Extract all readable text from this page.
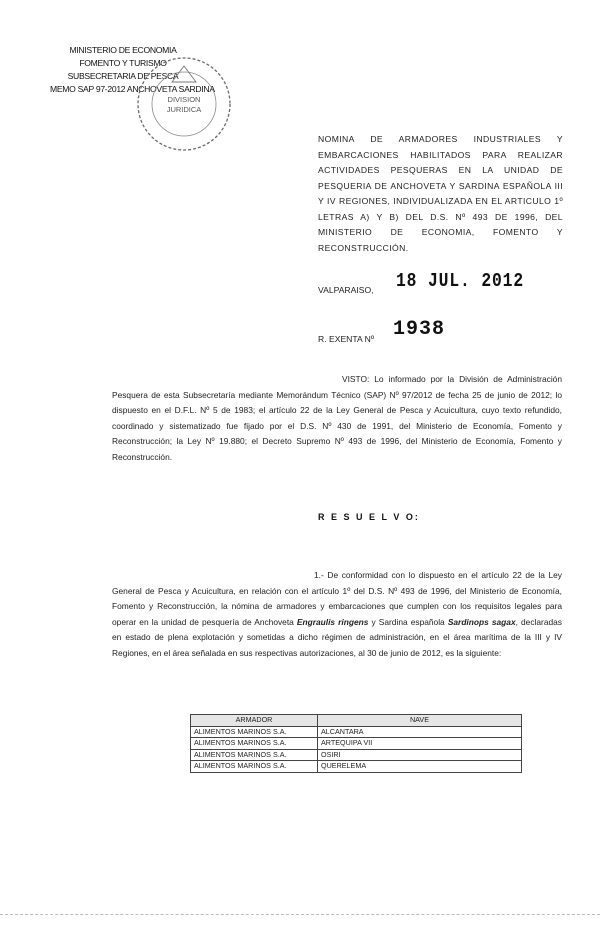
MINISTERIO DE ECONOMIA
FOMENTO Y TURISMO
SUBSECRETARIA DE PESCA
MEMO SAP 97-2012 ANCHOVETA SARDINA
DIVISION
JURIDICA
NOMINA DE ARMADORES INDUSTRIALES Y EMBARCACIONES HABILITADOS PARA REALIZAR ACTIVIDADES PESQUERAS EN LA UNIDAD DE PESQUERIA DE ANCHOVETA Y SARDINA ESPAÑOLA III Y IV REGIONES, INDIVIDUALIZADA EN EL ARTICULO 1º LETRAS A) Y B) DEL D.S. Nº 493 DE 1996, DEL MINISTERIO DE ECONOMIA, FOMENTO Y RECONSTRUCCIÓN.
VALPARAISO, 18 JUL. 2012
R. EXENTA Nº 1938
VISTO: Lo informado por la División de Administración Pesquera de esta Subsecretaría mediante Memorándum Técnico (SAP) Nº 97/2012 de fecha 25 de junio de 2012; lo dispuesto en el D.F.L. Nº 5 de 1983; el artículo 22 de la Ley General de Pesca y Acuicultura, cuyo texto refundido, coordinado y sistematizado fue fijado por el D.S. Nº 430 de 1991, del Ministerio de Economía, Fomento y Reconstrucción; la Ley Nº 19.880; el Decreto Supremo Nº 493 de 1996, del Ministerio de Economía, Fomento y Reconstrucción.
R E S U E L V O:
1.- De conformidad con lo dispuesto en el artículo 22 de la Ley General de Pesca y Acuicultura, en relación con el artículo 1º del D.S. Nº 493 de 1996, del Ministerio de Economía, Fomento y Reconstrucción, la nómina de armadores y embarcaciones que cumplen con los requisitos legales para operar en la unidad de pesquería de Anchoveta Engraulis ringens y Sardina española Sardinops sagax, declaradas en estado de plena explotación y sometidas a dicho régimen de administración, en el área marítima de la III y IV Regiones, en el área señalada en sus respectivas autorizaciones, al 30 de junio de 2012, es la siguiente:
ARMADOR	NAVE
ALIMENTOS MARINOS S.A.	ALCANTARA
ALIMENTOS MARINOS S.A.	ARTEQUIPA VII
ALIMENTOS MARINOS S.A.	OSIRI
ALIMENTOS MARINOS S.A.	QUERELEMA
